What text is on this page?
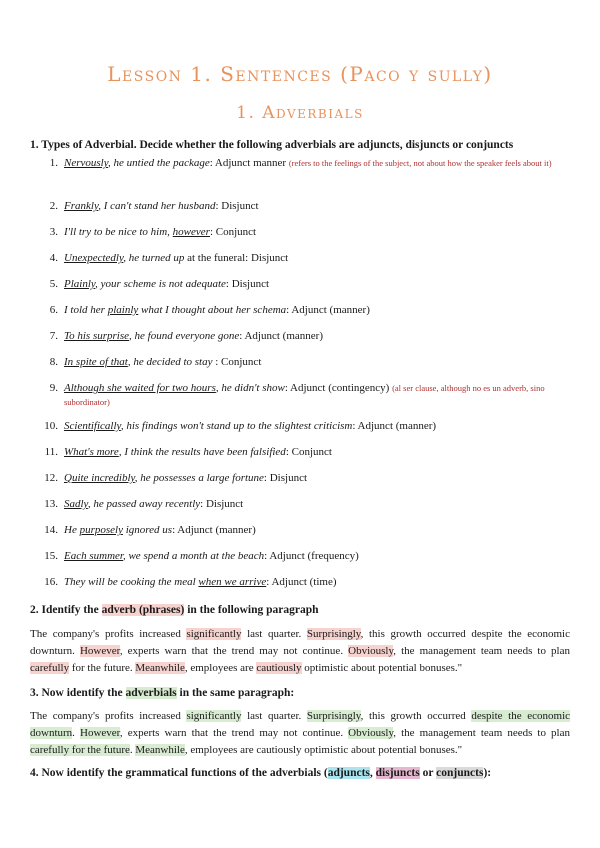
Lesson 1. Sentences (Paco y sully)
1. Adverbials
1. Types of Adverbial. Decide whether the following adverbials are adjuncts, disjuncts or conjuncts
1. Nervously, he untied the package: Adjunct manner (refers to the feelings of the subject, not about how the speaker feels about it)
2. Frankly, I can't stand her husband: Disjunct
3. I'll try to be nice to him, however: Conjunct
4. Unexpectedly, he turned up at the funeral: Disjunct
5. Plainly, your scheme is not adequate: Disjunct
6. I told her plainly what I thought about her schema: Adjunct (manner)
7. To his surprise, he found everyone gone: Adjunct (manner)
8. In spite of that, he decided to stay : Conjunct
9. Although she waited for two hours, he didn't show: Adjunct (contingency) (al ser clause, although no es un adverb, sino subordinator)
10. Scientifically, his findings won't stand up to the slightest criticism: Adjunct (manner)
11. What's more, I think the results have been falsified: Conjunct
12. Quite incredibly, he possesses a large fortune: Disjunct
13. Sadly, he passed away recently: Disjunct
14. He purposely ignored us: Adjunct (manner)
15. Each summer, we spend a month at the beach: Adjunct (frequency)
16. They will be cooking the meal when we arrive: Adjunct (time)
2. Identify the adverb (phrases) in the following paragraph
The company's profits increased significantly last quarter. Surprisingly, this growth occurred despite the economic downturn. However, experts warn that the trend may not continue. Obviously, the management team needs to plan carefully for the future. Meanwhile, employees are cautiously optimistic about potential bonuses."
3. Now identify the adverbials in the same paragraph:
The company's profits increased significantly last quarter. Surprisingly, this growth occurred despite the economic downturn. However, experts warn that the trend may not continue. Obviously, the management team needs to plan carefully for the future. Meanwhile, employees are cautiously optimistic about potential bonuses."
4. Now identify the grammatical functions of the adverbials (adjuncts, disjuncts or conjuncts):
